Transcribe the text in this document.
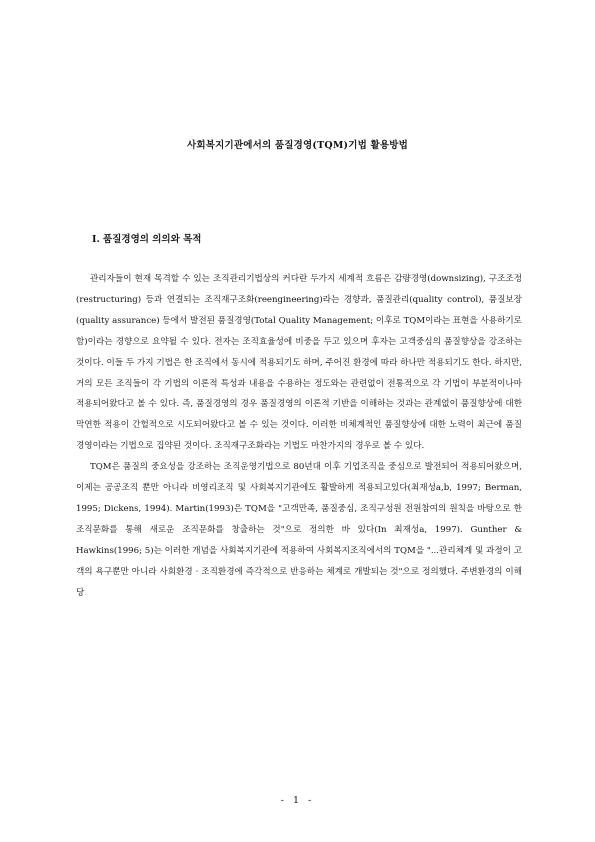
사회복지기관에서의 품질경영(TQM)기법 활용방법
Ⅰ. 품질경영의 의의와 목적

관리자들이 현재 목격할 수 있는 조직관리기법상의 커다란 두가지 세계적 흐름은 감량경영(downsizing), 구조조정(restructuring) 등과 연결되는 조직재구조화(reengineering)라는 경향과, 품질관리(quality control), 품질보장(quality assurance) 등에서 발전된 품질경영(Total Quality Management; 이후로 TQM이라는 표현을 사용하기로 함)이라는 경향으로 요약될 수 있다. 전자는 조직효율성에 비중을 두고 있으며 후자는 고객중심의 품질향상을 강조하는 것이다. 이들 두 가지 기법은 한 조직에서 동시에 적용되기도 하며, 주어진 환경에 따라 하나만 적용되기도 한다. 하지만, 거의 모든 조직들이 각 기법의 이론적 특성과 내용을 수용하는 정도와는 관련없이 전통적으로 각 기법이 부분적이나마 적용되어왔다고 볼 수 있다. 즉, 품질경영의 경우 품질경영의 이론적 기반을 이해하는 것과는 관계없이 품질향상에 대한 막연한 적용이 간헐적으로 시도되어왔다고 볼 수 있는 것이다. 이러한 비체계적인 품질향상에 대한 노력이 최근에 품질경영이라는 기법으로 집약된 것이다. 조직재구조화라는 기법도 마찬가지의 경우로 볼 수 있다.

TQM은 품질의 중요성을 강조하는 조직운영기법으로 80년대 이후 기업조직을 중심으로 발전되어 적용되어왔으며, 이제는 공공조직 뿐만 아니라 비영리조직 및 사회복지기관에도 활발하게 적용되고있다(최재성a,b, 1997; Berman, 1995; Dickens, 1994). Martin(1993)은 TQM을 "고객만족, 품질중심, 조직구성원 전원참여의 원칙을 바탕으로 한 조직문화를 통해 새로운 조직문화를 창출하는 것"으로 정의한 바 있다(In 최재성a, 1997). Gunther & Hawkins(1996; 5)는 이러한 개념을 사회복지기관에 적용하여 사회복지조직에서의 TQM을 "...관리체계 및 과정이 고객의 욕구뿐만 아니라 사회환경 · 조직환경에 즉각적으로 반응하는 체계로 개발되는 것"으로 정의했다. 주변환경의 이해당

- 1 -
